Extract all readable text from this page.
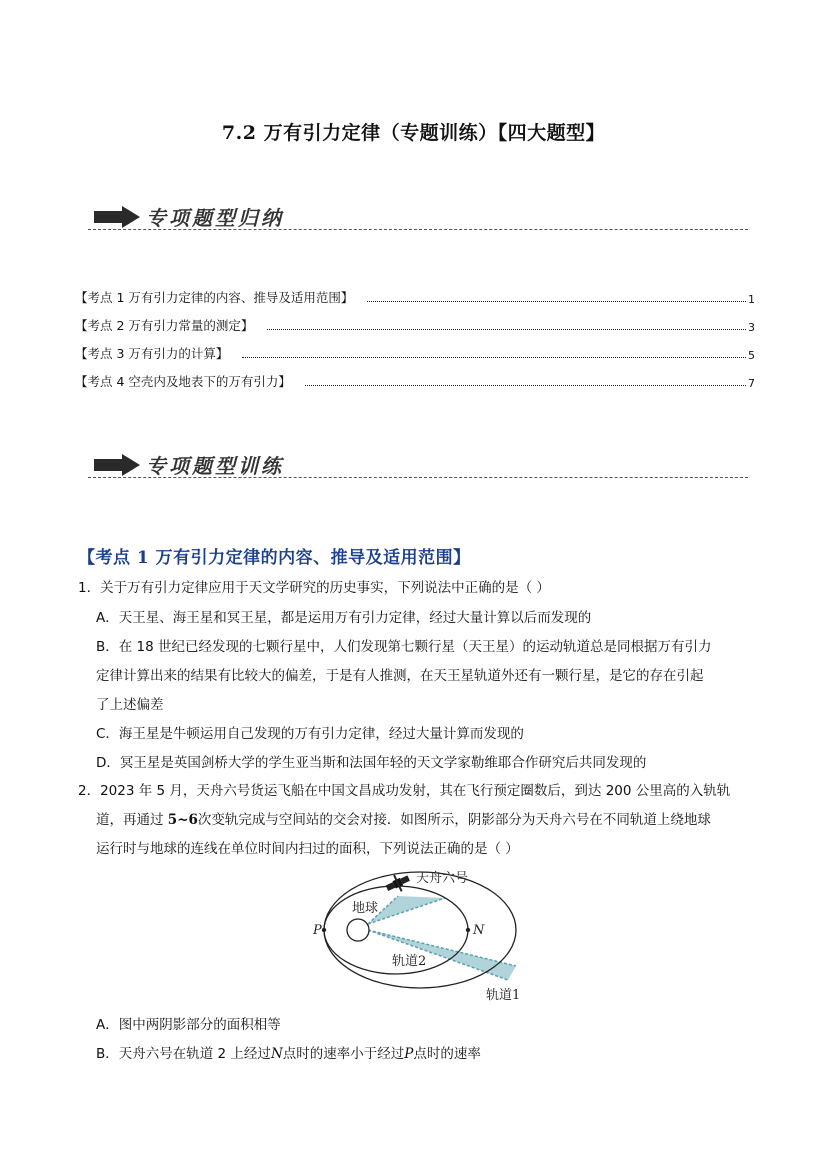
7.2 万有引力定律（专题训练）【四大题型】
专项题型归纳
【考点 1 万有引力定律的内容、推导及适用范围】	1
【考点 2 万有引力常量的测定】	3
【考点 3 万有引力的计算】	5
【考点 4 空壳内及地表下的万有引力】	7
专项题型训练
【考点 1 万有引力定律的内容、推导及适用范围】
1．关于万有引力定律应用于天文学研究的历史事实，下列说法中正确的是（ ）
A．天王星、海王星和冥王星，都是运用万有引力定律，经过大量计算以后而发现的
B．在 18 世纪已经发现的七颗行星中，人们发现第七颗行星（天王星）的运动轨道总是同根据万有引力
定律计算出来的结果有比较大的偏差，于是有人推测，在天王星轨道外还有一颗行星，是它的存在引起
了上述偏差
C．海王星是牛顿运用自己发现的万有引力定律，经过大量计算而发现的
D．冥王星是英国剑桥大学的学生亚当斯和法国年轻的天文学家勒维耶合作研究后共同发现的
2．2023 年 5 月，天舟六号货运飞船在中国文昌成功发射，其在飞行预定圈数后，到达 200 公里高的入轨轨
道，再通过 5~6次变轨完成与空间站的交会对接．如图所示，阴影部分为天舟六号在不同轨道上绕地球
运行时与地球的连线在单位时间内扫过的面积，下列说法正确的是（ ）
天舟六号
地球
P	N
轨道2
轨道1
A．图中两阴影部分的面积相等
B．天舟六号在轨道 2 上经过N点时的速率小于经过P点时的速率
